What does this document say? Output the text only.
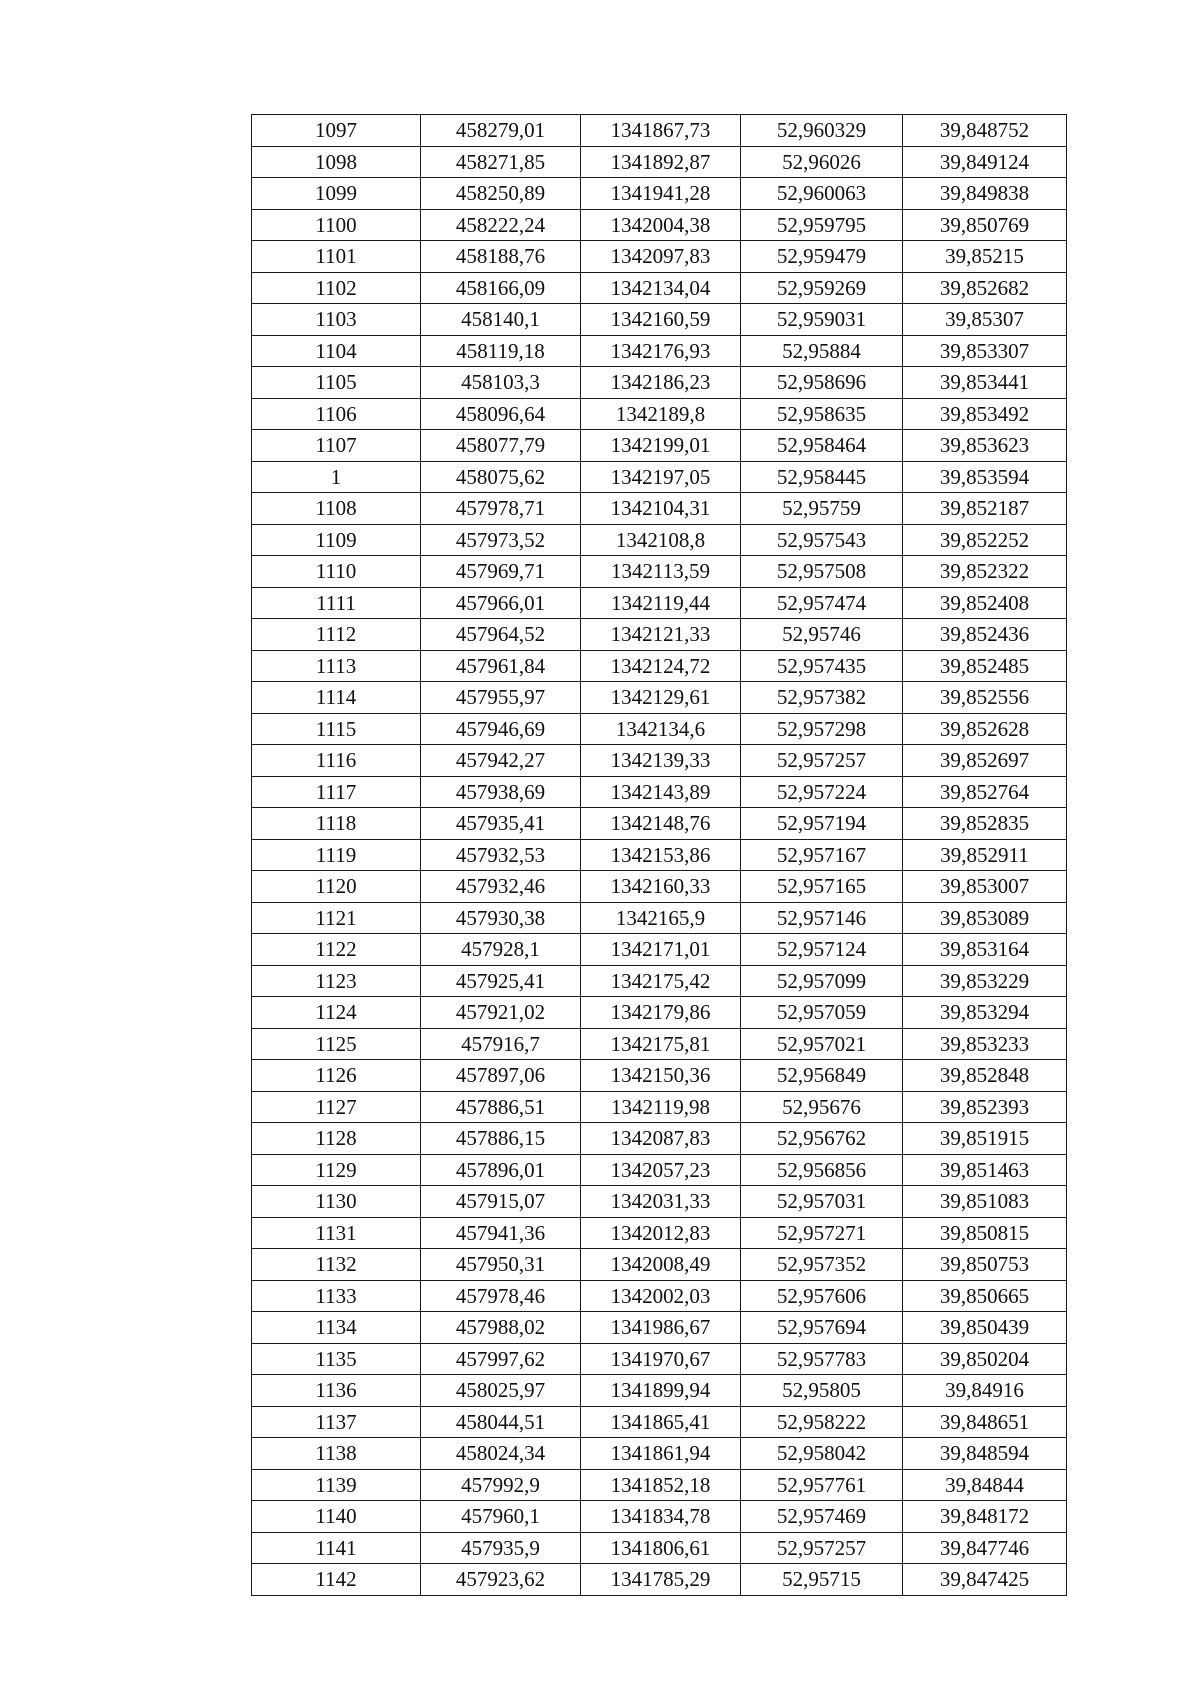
1097	458279,01	1341867,73	52,960329	39,848752
1098	458271,85	1341892,87	52,96026	39,849124
1099	458250,89	1341941,28	52,960063	39,849838
1100	458222,24	1342004,38	52,959795	39,850769
1101	458188,76	1342097,83	52,959479	39,85215
1102	458166,09	1342134,04	52,959269	39,852682
1103	458140,1	1342160,59	52,959031	39,85307
1104	458119,18	1342176,93	52,95884	39,853307
1105	458103,3	1342186,23	52,958696	39,853441
1106	458096,64	1342189,8	52,958635	39,853492
1107	458077,79	1342199,01	52,958464	39,853623
1	458075,62	1342197,05	52,958445	39,853594
1108	457978,71	1342104,31	52,95759	39,852187
1109	457973,52	1342108,8	52,957543	39,852252
1110	457969,71	1342113,59	52,957508	39,852322
1111	457966,01	1342119,44	52,957474	39,852408
1112	457964,52	1342121,33	52,95746	39,852436
1113	457961,84	1342124,72	52,957435	39,852485
1114	457955,97	1342129,61	52,957382	39,852556
1115	457946,69	1342134,6	52,957298	39,852628
1116	457942,27	1342139,33	52,957257	39,852697
1117	457938,69	1342143,89	52,957224	39,852764
1118	457935,41	1342148,76	52,957194	39,852835
1119	457932,53	1342153,86	52,957167	39,852911
1120	457932,46	1342160,33	52,957165	39,853007
1121	457930,38	1342165,9	52,957146	39,853089
1122	457928,1	1342171,01	52,957124	39,853164
1123	457925,41	1342175,42	52,957099	39,853229
1124	457921,02	1342179,86	52,957059	39,853294
1125	457916,7	1342175,81	52,957021	39,853233
1126	457897,06	1342150,36	52,956849	39,852848
1127	457886,51	1342119,98	52,95676	39,852393
1128	457886,15	1342087,83	52,956762	39,851915
1129	457896,01	1342057,23	52,956856	39,851463
1130	457915,07	1342031,33	52,957031	39,851083
1131	457941,36	1342012,83	52,957271	39,850815
1132	457950,31	1342008,49	52,957352	39,850753
1133	457978,46	1342002,03	52,957606	39,850665
1134	457988,02	1341986,67	52,957694	39,850439
1135	457997,62	1341970,67	52,957783	39,850204
1136	458025,97	1341899,94	52,95805	39,84916
1137	458044,51	1341865,41	52,958222	39,848651
1138	458024,34	1341861,94	52,958042	39,848594
1139	457992,9	1341852,18	52,957761	39,84844
1140	457960,1	1341834,78	52,957469	39,848172
1141	457935,9	1341806,61	52,957257	39,847746
1142	457923,62	1341785,29	52,95715	39,847425
